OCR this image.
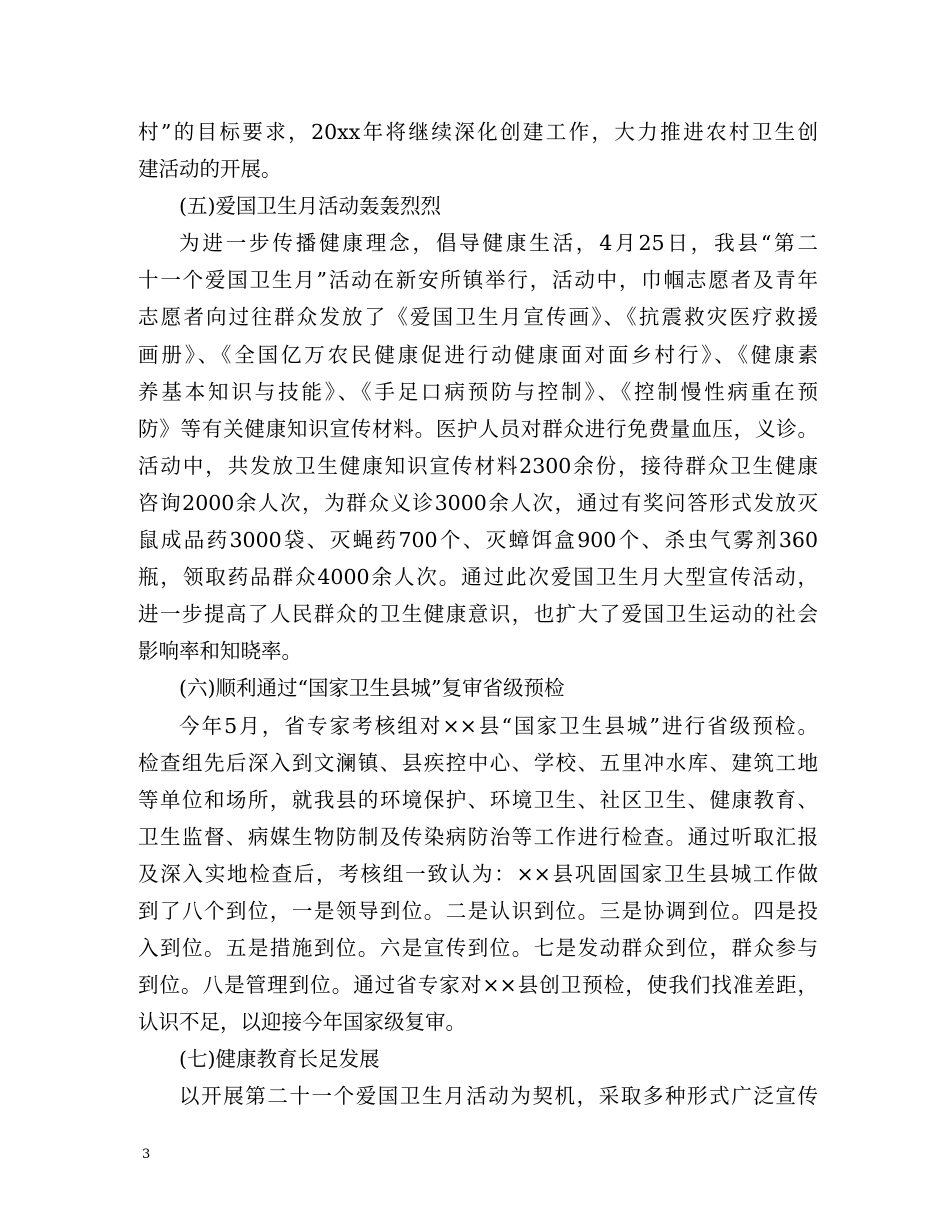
村”的目标要求，20xx年将继续深化创建工作，大力推进农村卫生创
建活动的开展。
(五)爱国卫生月活动轰轰烈烈
为进一步传播健康理念，倡导健康生活，4月25日，我县“第二
十一个爱国卫生月”活动在新安所镇举行，活动中，巾帼志愿者及青年
志愿者向过往群众发放了《爱国卫生月宣传画》、《抗震救灾医疗救援
画册》、《全国亿万农民健康促进行动健康面对面乡村行》、《健康素
养基本知识与技能》、《手足口病预防与控制》、《控制慢性病重在预
防》等有关健康知识宣传材料。医护人员对群众进行免费量血压，义诊。
活动中，共发放卫生健康知识宣传材料2300余份，接待群众卫生健康
咨询2000余人次，为群众义诊3000余人次，通过有奖问答形式发放灭
鼠成品药3000袋、灭蝇药700个、灭蟑饵盒900个、杀虫气雾剂360
瓶，领取药品群众4000余人次。通过此次爱国卫生月大型宣传活动，
进一步提高了人民群众的卫生健康意识，也扩大了爱国卫生运动的社会
影响率和知晓率。
(六)顺利通过“国家卫生县城”复审省级预检
今年5月，省专家考核组对××县“国家卫生县城”进行省级预检。
检查组先后深入到文澜镇、县疾控中心、学校、五里冲水库、建筑工地
等单位和场所，就我县的环境保护、环境卫生、社区卫生、健康教育、
卫生监督、病媒生物防制及传染病防治等工作进行检查。通过听取汇报
及深入实地检查后，考核组一致认为：××县巩固国家卫生县城工作做
到了八个到位，一是领导到位。二是认识到位。三是协调到位。四是投
入到位。五是措施到位。六是宣传到位。七是发动群众到位，群众参与
到位。八是管理到位。通过省专家对××县创卫预检，使我们找准差距，
认识不足，以迎接今年国家级复审。
(七)健康教育长足发展
以开展第二十一个爱国卫生月活动为契机，采取多种形式广泛宣传
3
